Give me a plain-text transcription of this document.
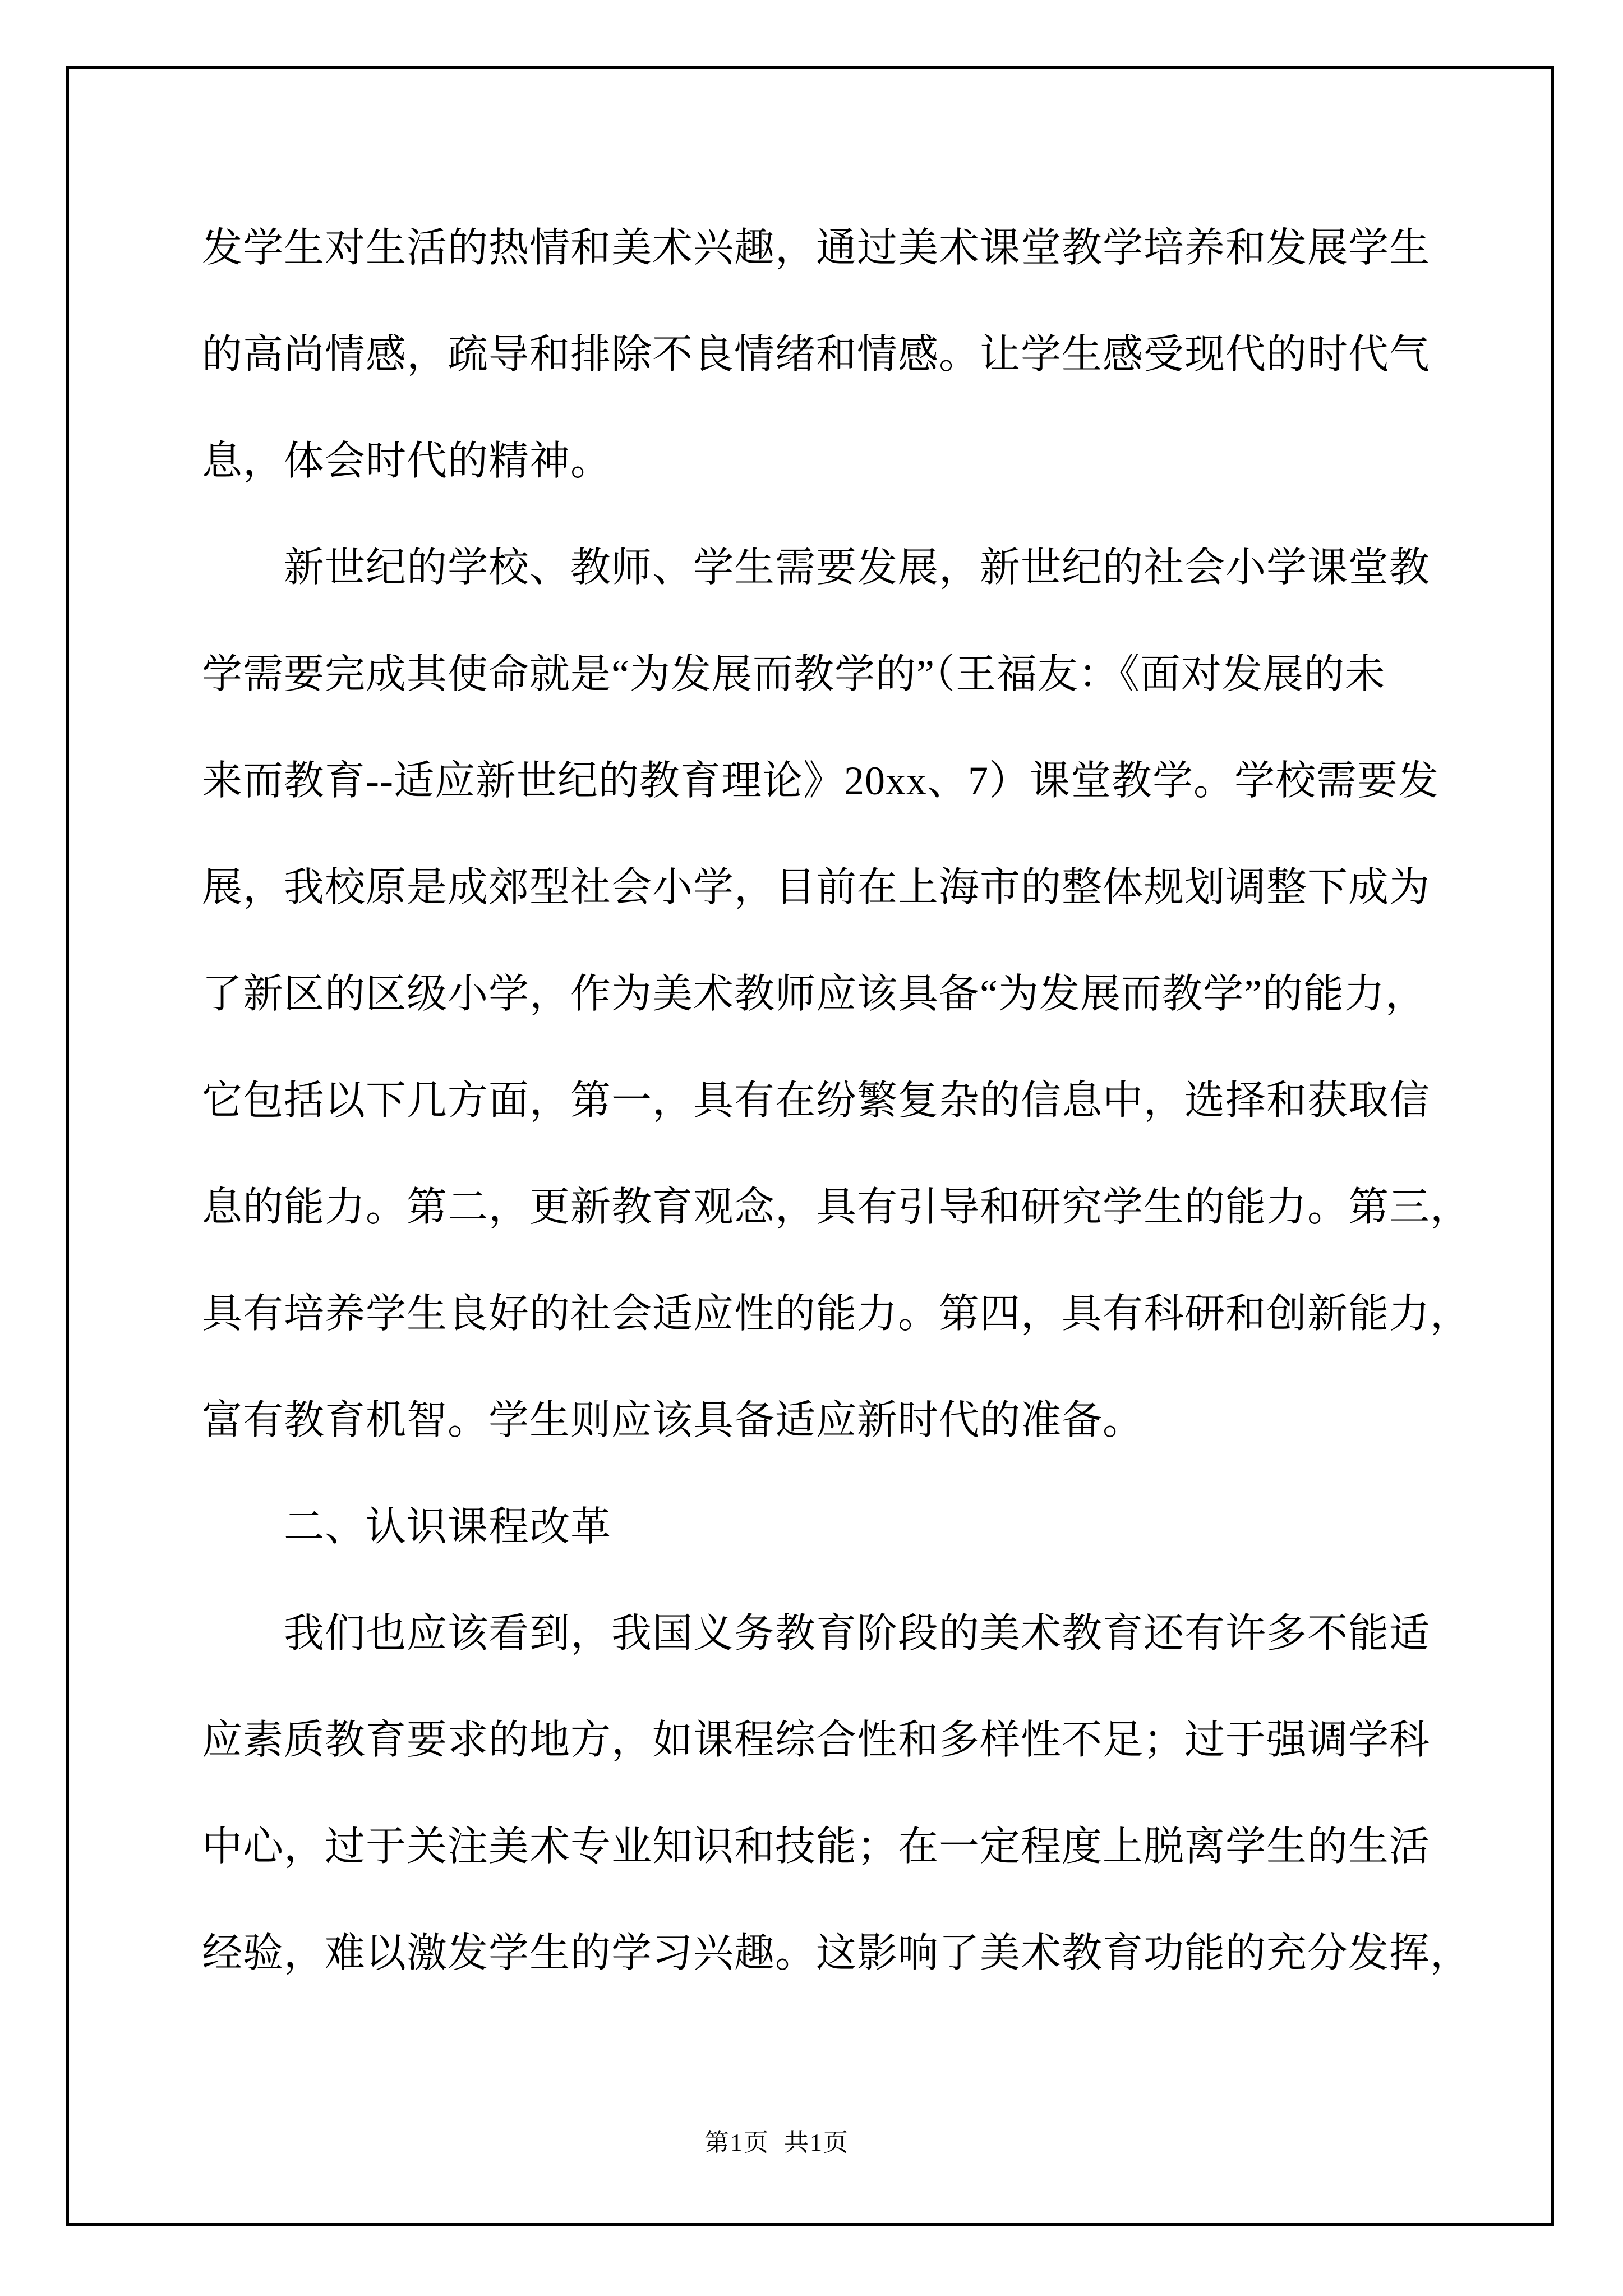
发学生对生活的热情和美术兴趣，通过美术课堂教学培养和发展学生
的高尚情感，疏导和排除不良情绪和情感。让学生感受现代的时代气
息，体会时代的精神。
新世纪的学校、教师、学生需要发展，新世纪的社会小学课堂教
学需要完成其使命就是“为发展而教学的”（王福友：《面对发展的未
来而教育--适应新世纪的教育理论》20xx、7）课堂教学。学校需要发
展，我校原是成郊型社会小学，目前在上海市的整体规划调整下成为
了新区的区级小学，作为美术教师应该具备“为发展而教学”的能力，
它包括以下几方面，第一，具有在纷繁复杂的信息中，选择和获取信
息的能力。第二，更新教育观念，具有引导和研究学生的能力。第三，
具有培养学生良好的社会适应性的能力。第四，具有科研和创新能力，
富有教育机智。学生则应该具备适应新时代的准备。
二、认识课程改革
我们也应该看到，我国义务教育阶段的美术教育还有许多不能适
应素质教育要求的地方，如课程综合性和多样性不足；过于强调学科
中心，过于关注美术专业知识和技能；在一定程度上脱离学生的生活
经验，难以激发学生的学习兴趣。这影响了美术教育功能的充分发挥，
第1页  共1页
